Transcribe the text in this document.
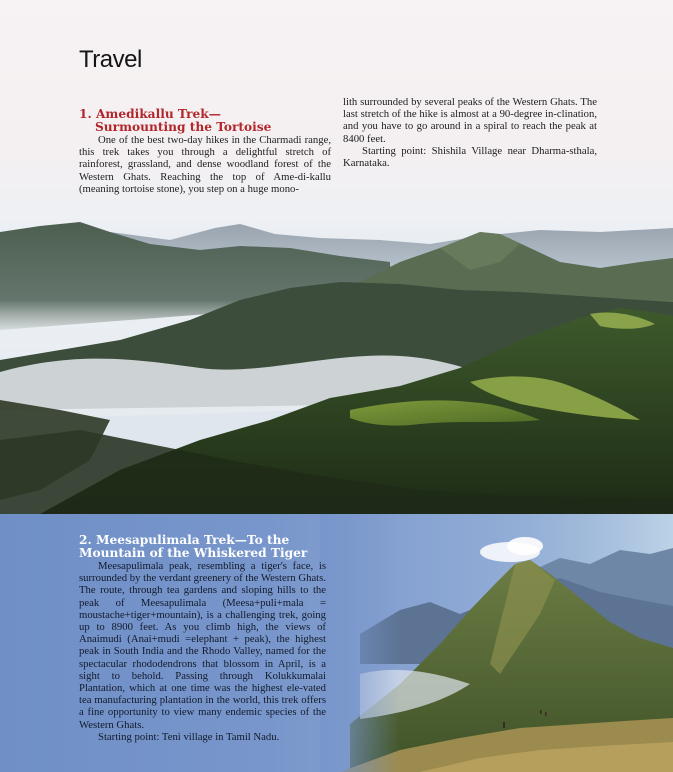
Travel
1. Amedikallu Trek—
Surmounting the Tortoise

One of the best two-day hikes in the Charmadi range, this trek takes you through a delightful stretch of rainforest, grassland, and dense woodland forest of the Western Ghats. Reaching the top of Ame-di-kallu (meaning tortoise stone), you step on a huge mono-

lith surrounded by several peaks of the Western Ghats. The last stretch of the hike is almost at a 90-degree in-clination, and you have to go around in a spiral to reach the peak at 8400 feet.

Starting point: Shishila Village near Dharma-sthala, Karnataka.

2. Meesapulimala Trek—To the
Mountain of the Whiskered Tiger

Meesapulimala peak, resembling a tiger's face, is surrounded by the verdant greenery of the Western Ghats. The route, through tea gardens and sloping hills to the peak of Meesapulimala (Meesa+puli+mala = moustache+tiger+mountain), is a challenging trek, going up to 8900 feet. As you climb high, the views of Anaimudi (Anai+mudi =elephant + peak), the highest peak in South India and the Rhodo Valley, named for the spectacular rhododendrons that blossom in April, is a sight to behold. Passing through Kolukkumalai Plantation, which at one time was the highest ele-vated tea manufacturing plantation in the world, this trek offers a fine opportunity to view many endemic species of the Western Ghats.

Starting point: Teni village in Tamil Nadu.
